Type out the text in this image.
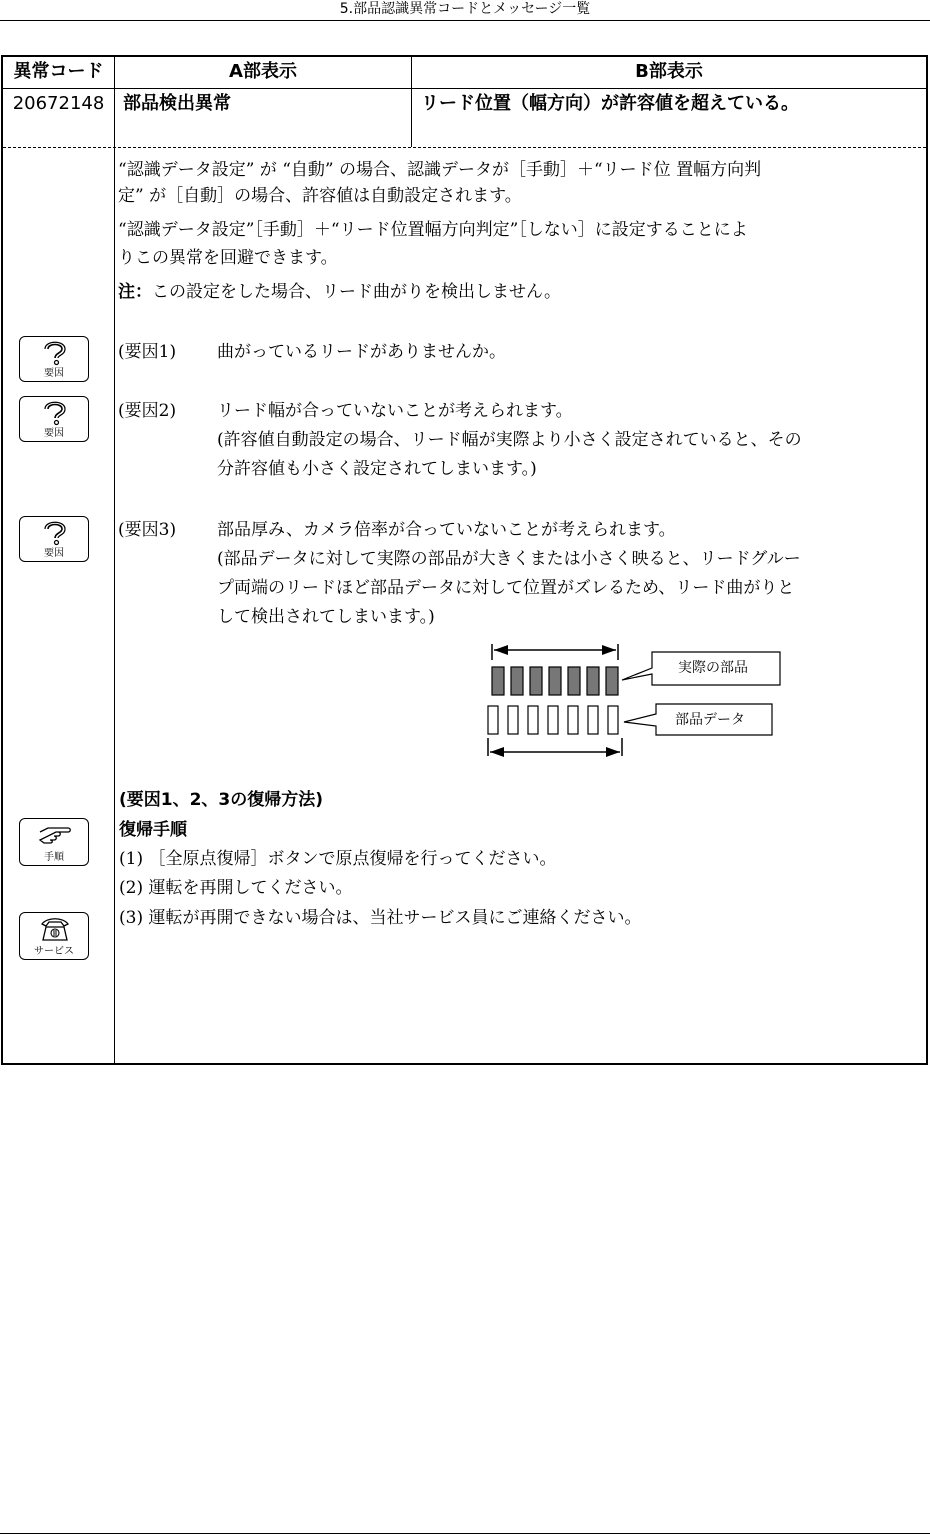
5.部品認識異常コードとメッセージ一覧
異常コード	A部表示	B部表示
20672148	部品検出異常	リード位置（幅方向）が許容値を超えている。
“認識データ設定” が “自動” の場合、認識データが［手動］＋“リード位 置幅方向判
定” が［自動］の場合、許容値は自動設定されます。
“認識データ設定”［手動］＋“リード位置幅方向判定”［しない］に設定することによ
りこの異常を回避できます。
注：この設定をした場合、リード曲がりを検出しません。
要因
要因
要因
(要因1) 曲がっているリードがありませんか。
(要因2) リード幅が合っていないことが考えられます。
(許容値自動設定の場合、リード幅が実際より小さく設定されていると、その
分許容値も小さく設定されてしまいます。)
(要因3) 部品厚み、カメラ倍率が合っていないことが考えられます。
(部品データに対して実際の部品が大きくまたは小さく映ると、リードグルー
プ両端のリードほど部品データに対して位置がズレるため、リード曲がりと
して検出されてしまいます。)
実際の部品
部品データ
(要因1、2、3の復帰方法)
復帰手順
(1) ［全原点復帰］ボタンで原点復帰を行ってください。
(2) 運転を再開してください。
(3) 運転が再開できない場合は、当社サービス員にご連絡ください。
手順
サービス
